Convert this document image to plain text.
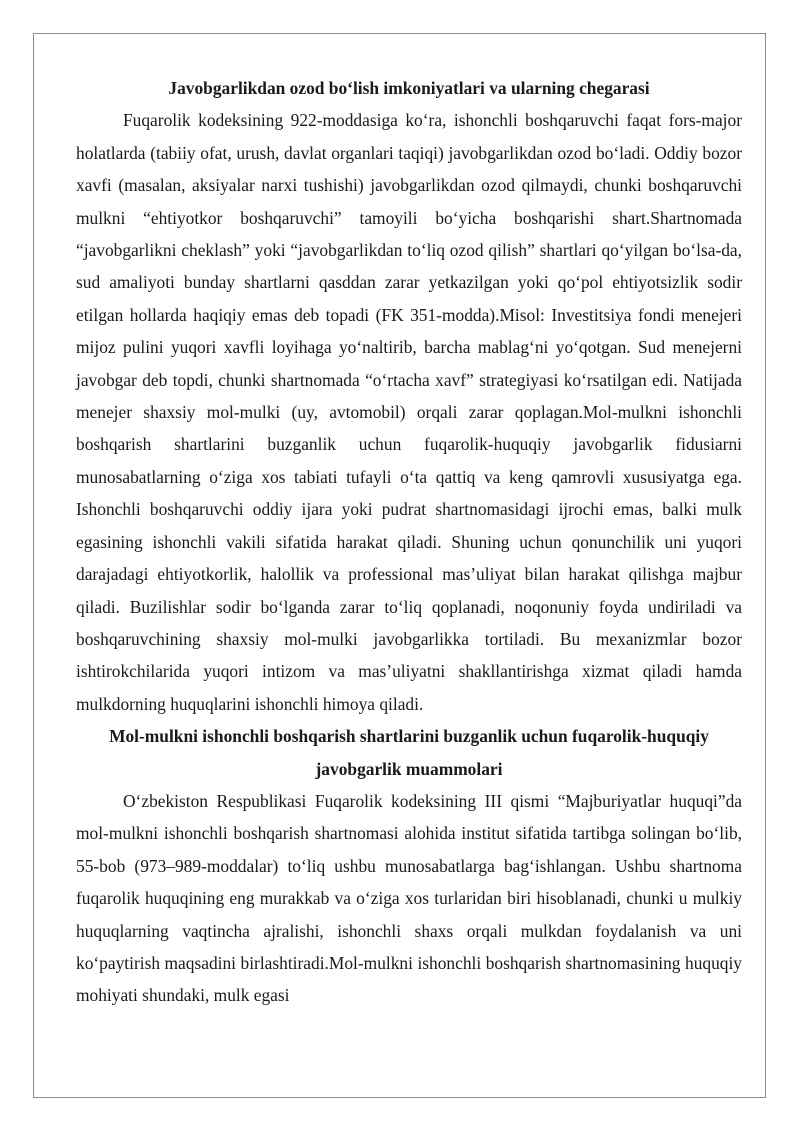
Javobgarlikdan ozod bo‘lish imkoniyatlari va ularning chegarasi

Fuqarolik kodeksining 922-moddasiga ko‘ra, ishonchli boshqaruvchi faqat fors-major holatlarda (tabiiy ofat, urush, davlat organlari taqiqi) javobgarlikdan ozod bo‘ladi. Oddiy bozor xavfi (masalan, aksiyalar narxi tushishi) javobgarlikdan ozod qilmaydi, chunki boshqaruvchi mulkni “ehtiyotkor boshqaruvchi” tamoyili bo‘yicha boshqarishi shart.Shartnomada “javobgarlikni cheklash” yoki “javobgarlikdan to‘liq ozod qilish” shartlari qo‘yilgan bo‘lsa-da, sud amaliyoti bunday shartlarni qasddan zarar yetkazilgan yoki qo‘pol ehtiyotsizlik sodir etilgan hollarda haqiqiy emas deb topadi (FK 351-modda).Misol: Investitsiya fondi menejeri mijoz pulini yuqori xavfli loyihaga yo‘naltirib, barcha mablag‘ni yo‘qotgan. Sud menejerni javobgar deb topdi, chunki shartnomada “o‘rtacha xavf” strategiyasi ko‘rsatilgan edi. Natijada menejer shaxsiy mol-mulki (uy, avtomobil) orqali zarar qoplagan.Mol-mulkni ishonchli boshqarish shartlarini buzganlik uchun fuqarolik-huquqiy javobgarlik fidusiarni munosabatlarning o‘ziga xos tabiati tufayli o‘ta qattiq va keng qamrovli xususiyatga ega. Ishonchli boshqaruvchi oddiy ijara yoki pudrat shartnomasidagi ijrochi emas, balki mulk egasining ishonchli vakili sifatida harakat qiladi. Shuning uchun qonunchilik uni yuqori darajadagi ehtiyotkorlik, halollik va professional mas’uliyat bilan harakat qilishga majbur qiladi. Buzilishlar sodir bo‘lganda zarar to‘liq qoplanadi, noqonuniy foyda undiriladi va boshqaruvchining shaxsiy mol-mulki javobgarlikka tortiladi. Bu mexanizmlar bozor ishtirokchilarida yuqori intizom va mas’uliyatni shakllantirishga xizmat qiladi hamda mulkdorning huquqlarini ishonchli himoya qiladi.

Mol-mulkni ishonchli boshqarish shartlarini buzganlik uchun fuqarolik-huquqiy javobgarlik muammolari

O‘zbekiston Respublikasi Fuqarolik kodeksining III qismi “Majburiyatlar huquqi”da mol-mulkni ishonchli boshqarish shartnomasi alohida institut sifatida tartibga solingan bo‘lib, 55-bob (973–989-moddalar) to‘liq ushbu munosabatlarga bag‘ishlangan. Ushbu shartnoma fuqarolik huquqining eng murakkab va o‘ziga xos turlaridan biri hisoblanadi, chunki u mulkiy huquqlarning vaqtincha ajralishi, ishonchli shaxs orqali mulkdan foydalanish va uni ko‘paytirish maqsadini birlashtiradi.Mol-mulkni ishonchli boshqarish shartnomasining huquqiy mohiyati shundaki, mulk egasi
